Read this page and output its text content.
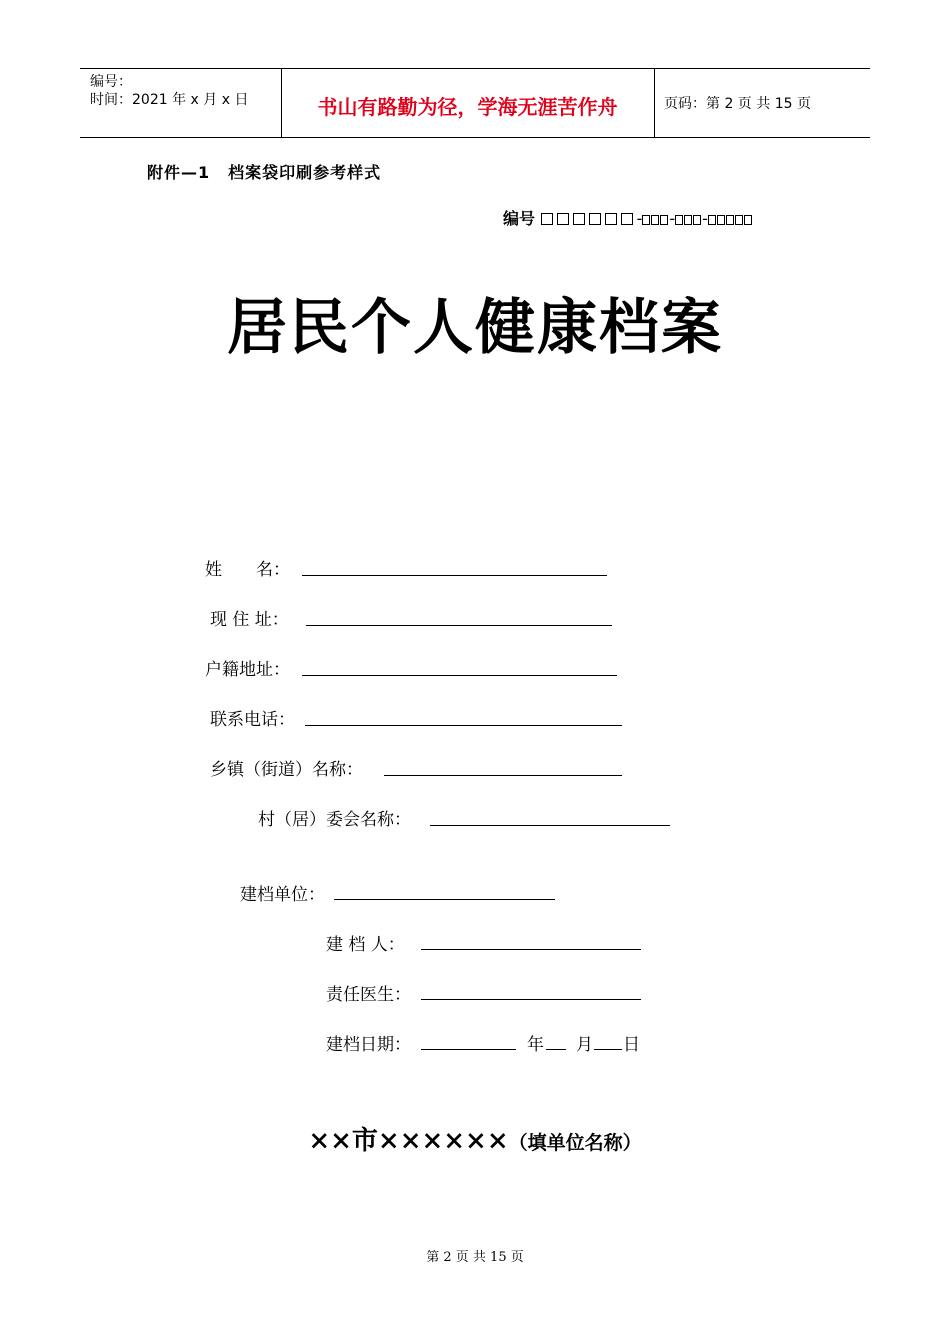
编号：
时间：2021 年 x 月 x 日	书山有路勤为径，学海无涯苦作舟	页码：第 2 页 共 15 页
附件—1 档案袋印刷参考样式
编号	- - -
居民个人健康档案
姓　　名：
现 住 址：
户籍地址：
联系电话：
乡镇（街道）名称：
村（居）委会名称：
建档单位：
建 档 人：
责任医生：
建档日期：	年 月 日
××市××××××（填单位名称）
第 2 页 共 15 页
